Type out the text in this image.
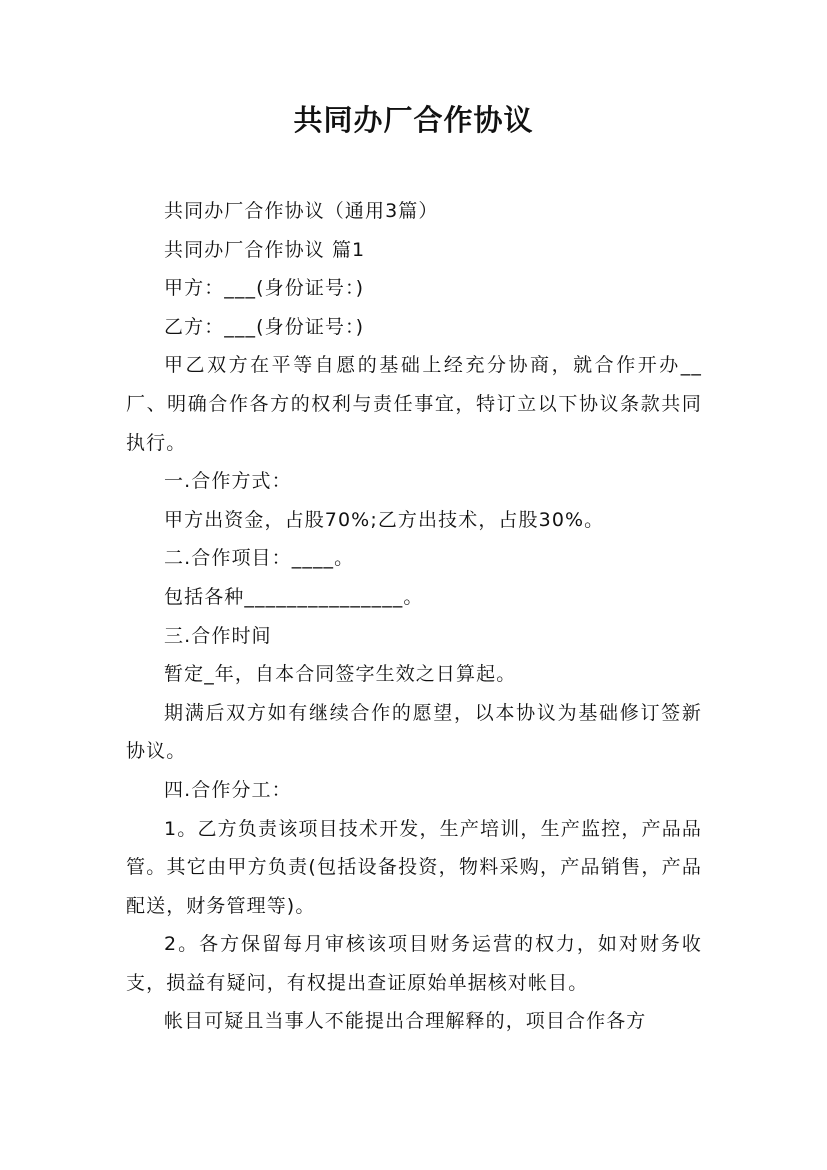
共同办厂合作协议

共同办厂合作协议（通用3篇）

共同办厂合作协议 篇1

甲方：___(身份证号：)

乙方：___(身份证号：)

甲乙双方在平等自愿的基础上经充分协商，就合作开办__厂、明确合作各方的权利与责任事宜，特订立以下协议条款共同执行。

一.合作方式：

甲方出资金，占股70%;乙方出技术，占股30%。

二.合作项目：____。

包括各种_______________。

三.合作时间

暂定_年，自本合同签字生效之日算起。

期满后双方如有继续合作的愿望，以本协议为基础修订签新协议。

四.合作分工：

1。乙方负责该项目技术开发，生产培训，生产监控，产品品管。其它由甲方负责(包括设备投资，物料采购，产品销售，产品配送，财务管理等)。

2。各方保留每月审核该项目财务运营的权力，如对财务收支，损益有疑问，有权提出查证原始单据核对帐目。

帐目可疑且当事人不能提出合理解释的，项目合作各方
